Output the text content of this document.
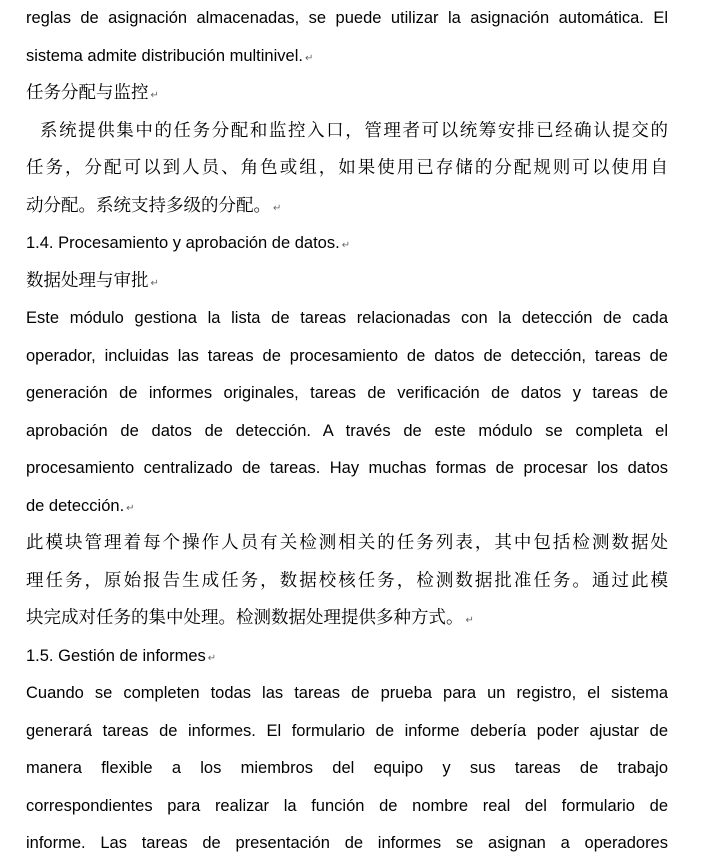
reglas de asignación almacenadas, se puede utilizar la asignación automática. El
sistema admite distribución multinivel. ↵
任务分配与监控 ↵
系统提供集中的任务分配和监控入口，管理者可以统筹安排已经确认提交的
任务，分配可以到人员、角色或组，如果使用已存储的分配规则可以使用自
动分配。系统支持多级的分配。 ↵
1.4. Procesamiento y aprobación de datos. ↵
数据处理与审批 ↵
Este módulo gestiona la lista de tareas relacionadas con la detección de cada
operador, incluidas las tareas de procesamiento de datos de detección, tareas de
generación de informes originales, tareas de verificación de datos y tareas de
aprobación de datos de detección. A través de este módulo se completa el
procesamiento centralizado de tareas. Hay muchas formas de procesar los datos
de detección. ↵
此模块管理着每个操作人员有关检测相关的任务列表，其中包括检测数据处
理任务，原始报告生成任务，数据校核任务，检测数据批准任务。通过此模
块完成对任务的集中处理。检测数据处理提供多种方式。 ↵
1.5. Gestión de informes ↵
Cuando se completen todas las tareas de prueba para un registro, el sistema
generará tareas de informes. El formulario de informe debería poder ajustar de
manera flexible a los miembros del equipo y sus tareas de trabajo
correspondientes para realizar la función de nombre real del formulario de
informe. Las tareas de presentación de informes se asignan a operadores
